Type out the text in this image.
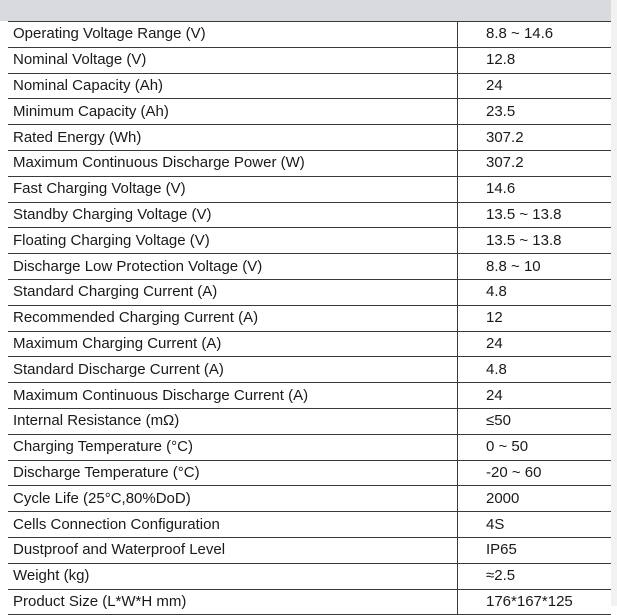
Operating Voltage Range (V)	8.8 ~ 14.6
Nominal Voltage (V)	12.8
Nominal Capacity (Ah)	24
Minimum Capacity (Ah)	23.5
Rated Energy (Wh)	307.2
Maximum Continuous Discharge Power (W)	307.2
Fast Charging Voltage (V)	14.6
Standby Charging Voltage (V)	13.5 ~ 13.8
Floating Charging Voltage (V)	13.5 ~ 13.8
Discharge Low Protection Voltage (V)	8.8 ~ 10
Standard Charging Current (A)	4.8
Recommended Charging Current (A)	12
Maximum Charging Current (A)	24
Standard Discharge Current (A)	4.8
Maximum Continuous Discharge Current (A)	24
Internal Resistance (mΩ)	≤50
Charging Temperature (°C)	0 ~ 50
Discharge Temperature (°C)	-20 ~ 60
Cycle Life (25°C,80%DoD)	2000
Cells Connection Configuration	4S
Dustproof and Waterproof Level	IP65
Weight (kg)	≈2.5
Product Size (L*W*H mm)	176*167*125
